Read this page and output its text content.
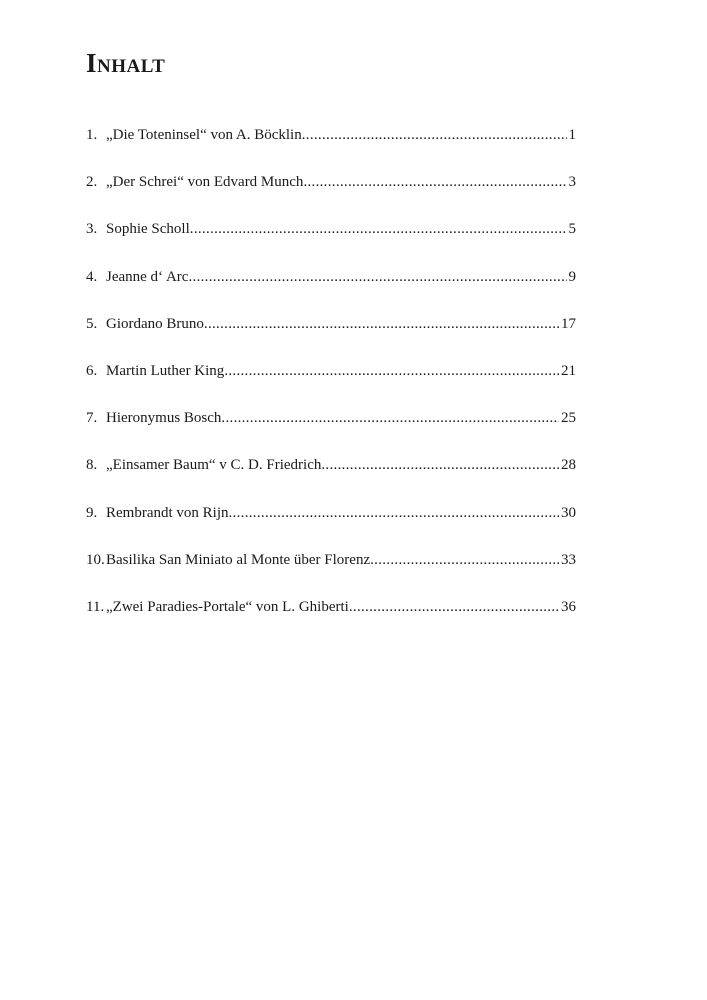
Inhalt
1. „Die Toteninsel“ von A. Böcklin .....	1
2. „Der Schrei“ von Edvard Munch .....	3
3. Sophie Scholl .....	5
4. Jeanne d‘ Arc .....	9
5. Giordano Bruno .....	17
6. Martin Luther King .....	21
7. Hieronymus Bosch .....	25
8. „Einsamer Baum“ v C. D. Friedrich .....	28
9. Rembrandt von Rijn .....	30
10. Basilika San Miniato al Monte über Florenz .....	33
11. „Zwei Paradies-Portale“ von L. Ghiberti .....	36
